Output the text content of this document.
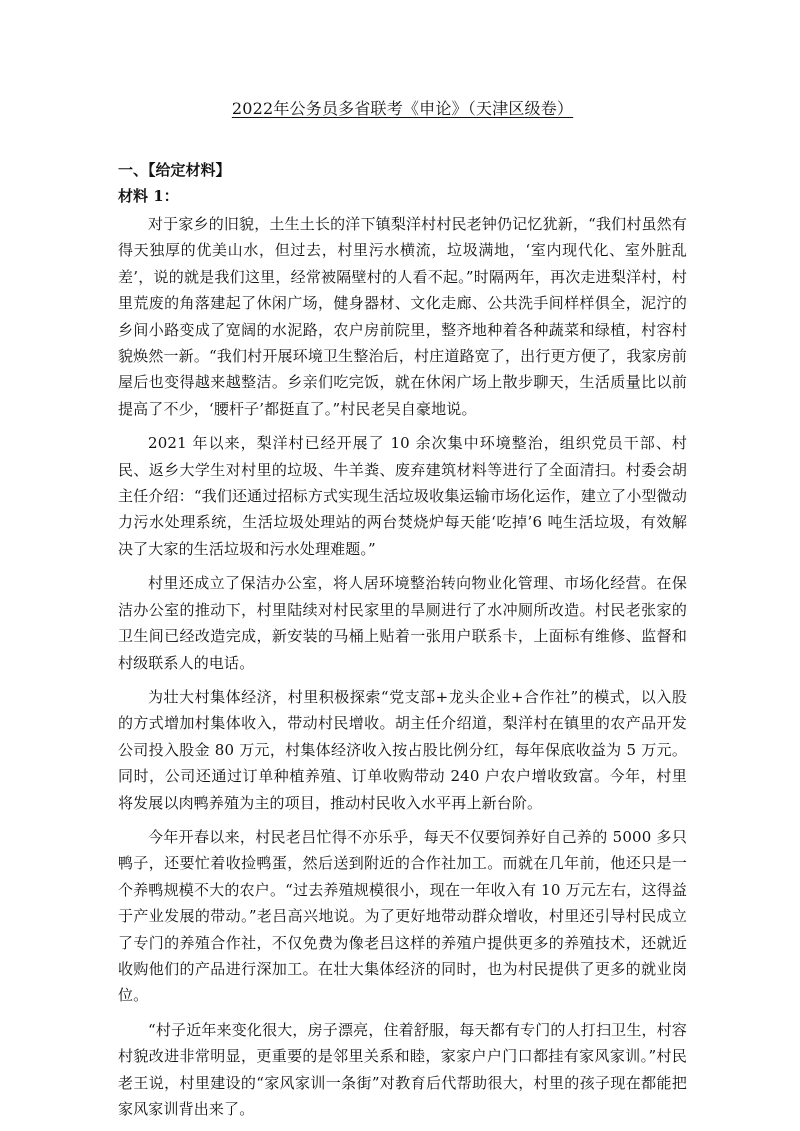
2022年公务员多省联考《申论》（天津区级卷）
一、【给定材料】
材料 1：

对于家乡的旧貌，土生土长的洋下镇梨洋村村民老钟仍记忆犹新，“我们村虽然有得天独厚的优美山水，但过去，村里污水横流，垃圾满地，‘室内现代化、室外脏乱差’，说的就是我们这里，经常被隔壁村的人看不起。”时隔两年，再次走进梨洋村，村里荒废的角落建起了休闲广场，健身器材、文化走廊、公共洗手间样样俱全，泥泞的乡间小路变成了宽阔的水泥路，农户房前院里，整齐地种着各种蔬菜和绿植，村容村貌焕然一新。“我们村开展环境卫生整治后，村庄道路宽了，出行更方便了，我家房前屋后也变得越来越整洁。乡亲们吃完饭，就在休闲广场上散步聊天，生活质量比以前提高了不少，‘腰杆子’都挺直了。”村民老吴自豪地说。

2021 年以来，梨洋村已经开展了 10 余次集中环境整治，组织党员干部、村民、返乡大学生对村里的垃圾、牛羊粪、废弃建筑材料等进行了全面清扫。村委会胡主任介绍：“我们还通过招标方式实现生活垃圾收集运输市场化运作，建立了小型微动力污水处理系统，生活垃圾处理站的两台焚烧炉每天能‘吃掉’6 吨生活垃圾，有效解决了大家的生活垃圾和污水处理难题。”

村里还成立了保洁办公室，将人居环境整治转向物业化管理、市场化经营。在保洁办公室的推动下，村里陆续对村民家里的旱厕进行了水冲厕所改造。村民老张家的卫生间已经改造完成，新安装的马桶上贴着一张用户联系卡，上面标有维修、监督和村级联系人的电话。

为壮大村集体经济，村里积极探索“党支部+龙头企业+合作社”的模式，以入股的方式增加村集体收入，带动村民增收。胡主任介绍道，梨洋村在镇里的农产品开发公司投入股金 80 万元，村集体经济收入按占股比例分红，每年保底收益为 5 万元。同时，公司还通过订单种植养殖、订单收购带动 240 户农户增收致富。今年，村里将发展以肉鸭养殖为主的项目，推动村民收入水平再上新台阶。

今年开春以来，村民老吕忙得不亦乐乎，每天不仅要饲养好自己养的 5000 多只鸭子，还要忙着收捡鸭蛋，然后送到附近的合作社加工。而就在几年前，他还只是一个养鸭规模不大的农户。“过去养殖规模很小，现在一年收入有 10 万元左右，这得益于产业发展的带动。”老吕高兴地说。为了更好地带动群众增收，村里还引导村民成立了专门的养殖合作社，不仅免费为像老吕这样的养殖户提供更多的养殖技术，还就近收购他们的产品进行深加工。在壮大集体经济的同时，也为村民提供了更多的就业岗位。

“村子近年来变化很大，房子漂亮，住着舒服，每天都有专门的人打扫卫生，村容村貌改进非常明显，更重要的是邻里关系和睦，家家户户门口都挂有家风家训。”村民老王说，村里建设的“家风家训一条街”对教育后代帮助很大，村里的孩子现在都能把家风家训背出来了。
